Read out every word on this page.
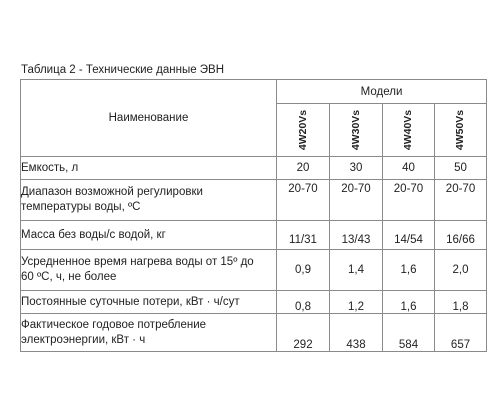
Таблица 2 - Технические данные ЭВН
Наименование	Модели			
	4W20Vs	4W30Vs	4W40Vs	4W50Vs
Емкость, л	20	30	40	50
Диапазон возможной регулировки
температуры воды, ºС	20-70	20-70	20-70	20-70
Масса без воды/с водой, кг	11/31	13/43	14/54	16/66
Усредненное время нагрева воды от 15º до
60 ºС, ч, не более	0,9	1,4	1,6	2,0
Постоянные суточные потери, кВт · ч/сут	0,8	1,2	1,6	1,8
Фактическое годовое потребление
электроэнергии, кВт · ч	292	438	584	657
